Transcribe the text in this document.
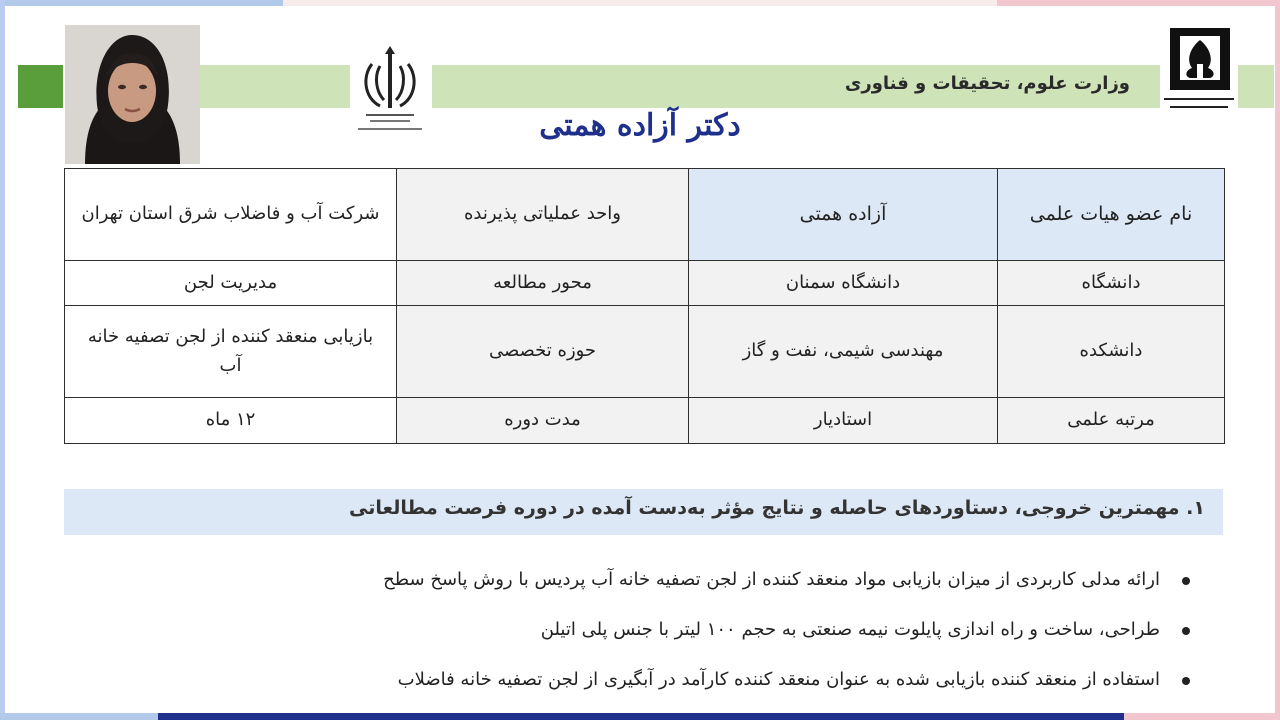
وزارت علوم، تحقیقات و فناوری
دکتر آزاده همتی
نام عضو هیات علمی	آزاده همتی	واحد عملیاتی پذیرنده	شرکت آب و فاضلاب شرق استان تهران
دانشگاه	دانشگاه سمنان	محور مطالعه	مدیریت لجن
دانشکده	مهندسی شیمی، نفت و گاز	حوزه تخصصی	بازیابی منعقد کننده از لجن تصفیه خانه آب
مرتبه علمی	استادیار	مدت دوره	۱۲ ماه
۱. مهمترین خروجی، دستاوردهای حاصله و نتایج مؤثر به‌دست آمده در دوره فرصت مطالعاتی
ارائه مدلی کاربردی از میزان بازیابی مواد منعقد کننده از لجن تصفیه خانه آب پردیس با روش پاسخ سطح
طراحی، ساخت و راه اندازی پایلوت نیمه صنعتی به حجم ۱۰۰ لیتر با جنس پلی اتیلن
استفاده از منعقد کننده بازیابی شده به عنوان منعقد کننده کارآمد در آبگیری از لجن تصفیه خانه فاضلاب
